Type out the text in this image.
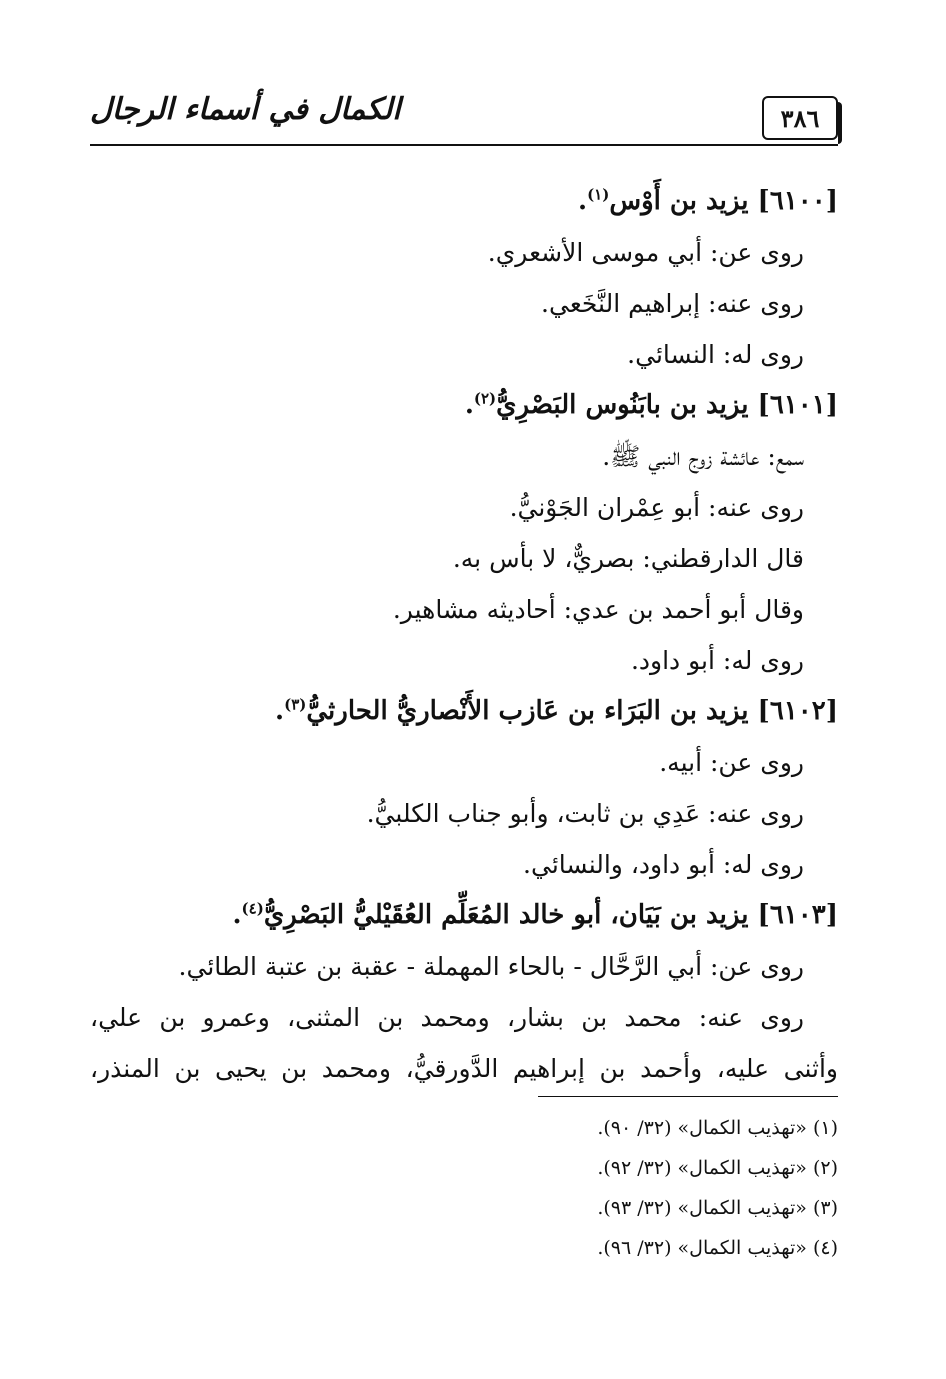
٣٨٦
الكمال في أسماء الرجال
[٦١٠٠] يزيد بن أَوْس$^{(١)}$.
روى عن: أبي موسى الأشعري.
روى عنه: إبراهيم النَّخَعي.
روى له: النسائي.
[٦١٠١] يزيد بن بابَنُوس البَصْرِيُّ$^{(٢)}$.
سمع: عائشة زوج النبي ﷺ.
روى عنه: أبو عِمْران الجَوْنيُّ.
قال الدارقطني: بصريٌّ، لا بأس به.
وقال أبو أحمد بن عدي: أحاديثه مشاهير.
روى له: أبو داود.
[٦١٠٢] يزيد بن البَرَاء بن عَازب الأَنْصاريُّ الحارثيُّ$^{(٣)}$.
روى عن: أبيه.
روى عنه: عَدِي بن ثابت، وأبو جناب الكلبيُّ.
روى له: أبو داود، والنسائي.
[٦١٠٣] يزيد بن بَيَان، أبو خالد المُعَلِّم العُقَيْليُّ البَصْرِيُّ$^{(٤)}$.
روى عن: أبي الرَّحَّال - بالحاء المهملة - عقبة بن عتبة الطائي.
روى عنه: محمد بن بشار، ومحمد بن المثنى، وعمرو بن علي،
وأثنى عليه، وأحمد بن إبراهيم الدَّورقيُّ، ومحمد بن يحيى بن المنذر،
(١) «تهذيب الكمال» (٣٢/ ٩٠).
(٢) «تهذيب الكمال» (٣٢/ ٩٢).
(٣) «تهذيب الكمال» (٣٢/ ٩٣).
(٤) «تهذيب الكمال» (٣٢/ ٩٦).
